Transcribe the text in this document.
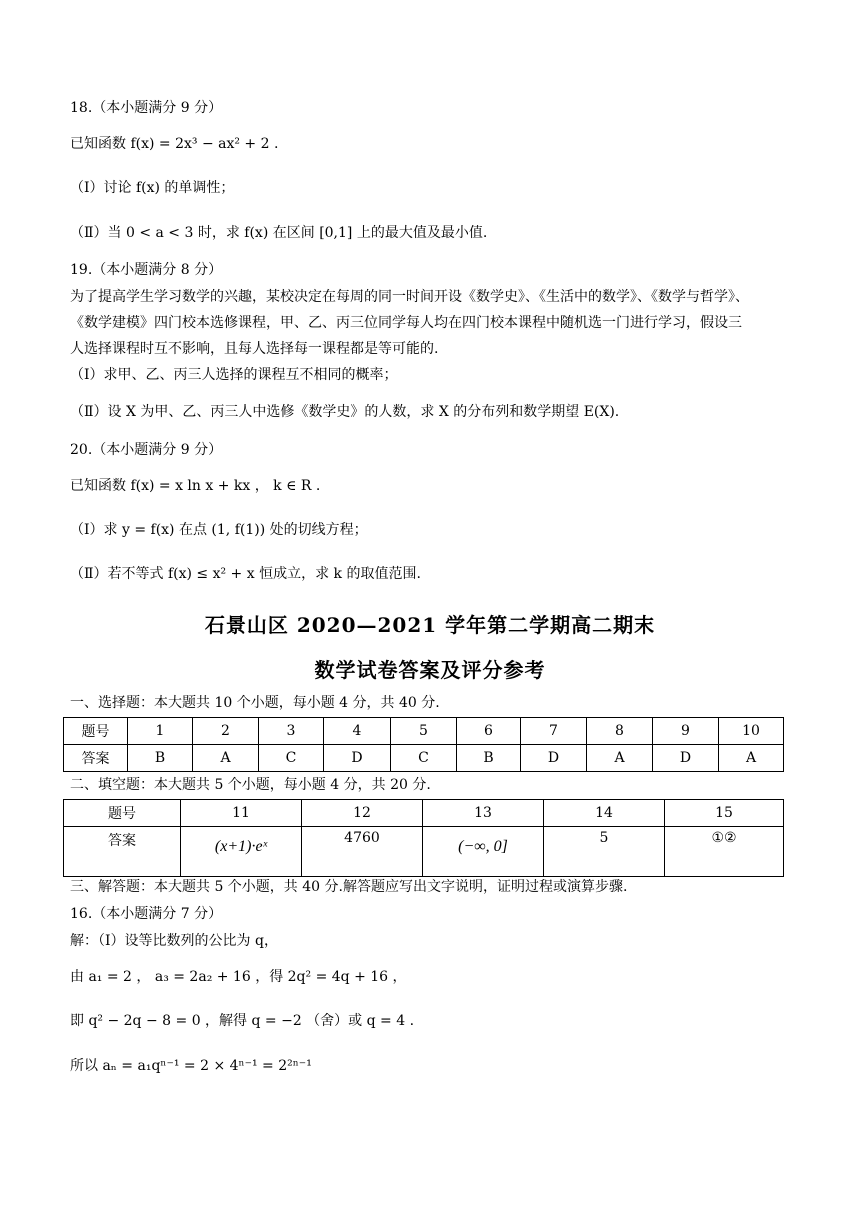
18.（本小题满分 9 分）
已知函数 f(x) = 2x³ − ax² + 2 .
（Ⅰ）讨论 f(x) 的单调性；
（Ⅱ）当 0 < a < 3 时，求 f(x) 在区间 [0,1] 上的最大值及最小值.
19.（本小题满分 8 分）
为了提高学生学习数学的兴趣，某校决定在每周的同一时间开设《数学史》、《生活中的数学》、《数学与哲学》、
《数学建模》四门校本选修课程，甲、乙、丙三位同学每人均在四门校本课程中随机选一门进行学习，假设三
人选择课程时互不影响，且每人选择每一课程都是等可能的.
（Ⅰ）求甲、乙、丙三人选择的课程互不相同的概率；
（Ⅱ）设 X 为甲、乙、丙三人中选修《数学史》的人数，求 X 的分布列和数学期望 E(X).
20.（本小题满分 9 分）
已知函数 f(x) = x ln x + kx ， k ∈ R .
（Ⅰ）求 y = f(x) 在点 (1, f(1)) 处的切线方程；
（Ⅱ）若不等式 f(x) ≤ x² + x 恒成立，求 k 的取值范围.
石景山区 2020—2021 学年第二学期高二期末
数学试卷答案及评分参考
一、选择题：本大题共 10 个小题，每小题 4 分，共 40 分.
题号	1	2	3	4	5	6	7	8	9	10
答案	B	A	C	D	C	B	D	A	D	A
二、填空题：本大题共 5 个小题，每小题 4 分，共 20 分.
题号	11	12	13	14	15
答案	(x+1)·eˣ	4760	(−∞, 0]	5	①②
三、解答题：本大题共 5 个小题，共 40 分.解答题应写出文字说明，证明过程或演算步骤.
16.（本小题满分 7 分）
解：（Ⅰ）设等比数列的公比为 q，
由 a₁ = 2 ， a₃ = 2a₂ + 16 ，得 2q² = 4q + 16 ，
即 q² − 2q − 8 = 0 ，解得 q = −2 （舍）或 q = 4 .
所以 aₙ = a₁qⁿ⁻¹ = 2 × 4ⁿ⁻¹ = 2²ⁿ⁻¹
